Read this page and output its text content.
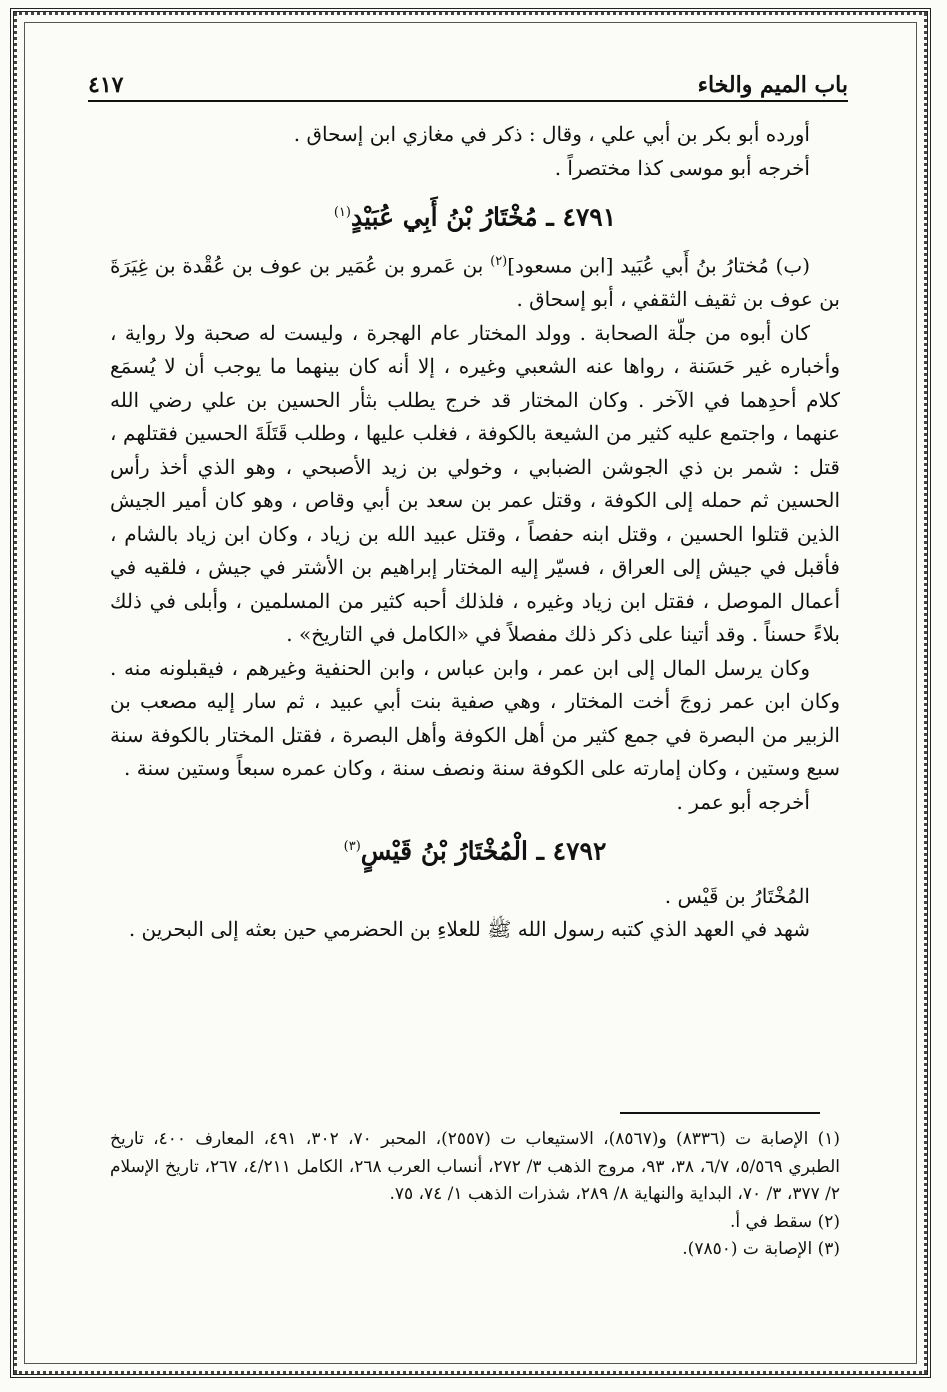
باب الميم والخاء
٤١٧

أورده أبو بكر بن أبي علي ، وقال : ذكر في مغازي ابن إسحاق .

أخرجه أبو موسى كذا مختصراً .

٤٧٩١ ـ مُخْتَارُ بْنُ أَبِي عُبَيْدٍ$^{(١)}$

(ب) مُختارُ بنُ أَبي عُبَيد [ابن مسعود]$^{(٢)}$ بن عَمرو بن عُمَير بن عوف بن عُقْدة بن غِيَرَةَ بن عوف بن ثقيف الثقفي ، أبو إسحاق .

كان أبوه من جلّة الصحابة . وولد المختار عام الهجرة ، وليست له صحبة ولا رواية ، وأخباره غير حَسَنة ، رواها عنه الشعبي وغيره ، إلا أنه كان بينهما ما يوجب أن لا يُسمَع كلام أحدِهما في الآخر . وكان المختار قد خرج يطلب بثأر الحسين بن علي رضي الله عنهما ، واجتمع عليه كثير من الشيعة بالكوفة ، فغلب عليها ، وطلب قَتَلَةَ الحسين فقتلهم ، قتل : شمر بن ذي الجوشن الضبابي ، وخولي بن زيد الأصبحي ، وهو الذي أخذ رأس الحسين ثم حمله إلى الكوفة ، وقتل عمر بن سعد بن أبي وقاص ، وهو كان أمير الجيش الذين قتلوا الحسين ، وقتل ابنه حفصاً ، وقتل عبيد الله بن زياد ، وكان ابن زياد بالشام ، فأقبل في جيش إلى العراق ، فسيّر إليه المختار إبراهيم بن الأشتر في جيش ، فلقيه في أعمال الموصل ، فقتل ابن زياد وغيره ، فلذلك أحبه كثير من المسلمين ، وأبلى في ذلك بلاءً حسناً . وقد أتينا على ذكر ذلك مفصلاً في «الكامل في التاريخ» .

وكان يرسل المال إلى ابن عمر ، وابن عباس ، وابن الحنفية وغيرهم ، فيقبلونه منه . وكان ابن عمر زوجَ أخت المختار ، وهي صفية بنت أبي عبيد ، ثم سار إليه مصعب بن الزبير من البصرة في جمع كثير من أهل الكوفة وأهل البصرة ، فقتل المختار بالكوفة سنة سبع وستين ، وكان إمارته على الكوفة سنة ونصف سنة ، وكان عمره سبعاً وستين سنة .

أخرجه أبو عمر .

٤٧٩٢ ـ الْمُخْتَارُ بْنُ قَيْسٍ$^{(٣)}$

المُخْتَارُ بن قَيْس .

شهد في العهد الذي كتبه رسول الله ﷺ للعلاءِ بن الحضرمي حين بعثه إلى البحرين .

(١) الإصابة ت (٨٣٣٦) و(٨٥٦٧)، الاستيعاب ت (٢٥٥٧)، المحبر ٧٠، ٣٠٢، ٤٩١، المعارف ٤٠٠، تاريخ الطبري ٥/٥٦٩، ٦/٧، ٣٨، ٩٣، مروج الذهب ٣/ ٢٧٢، أنساب العرب ٢٦٨، الكامل ٤/٢١١، ٢٦٧، تاريخ الإسلام ٢/ ٣٧٧، ٣/ ٧٠، البداية والنهاية ٨/ ٢٨٩، شذرات الذهب ١/ ٧٤، ٧٥.

(٢) سقط في أ.

(٣) الإصابة ت (٧٨٥٠).
